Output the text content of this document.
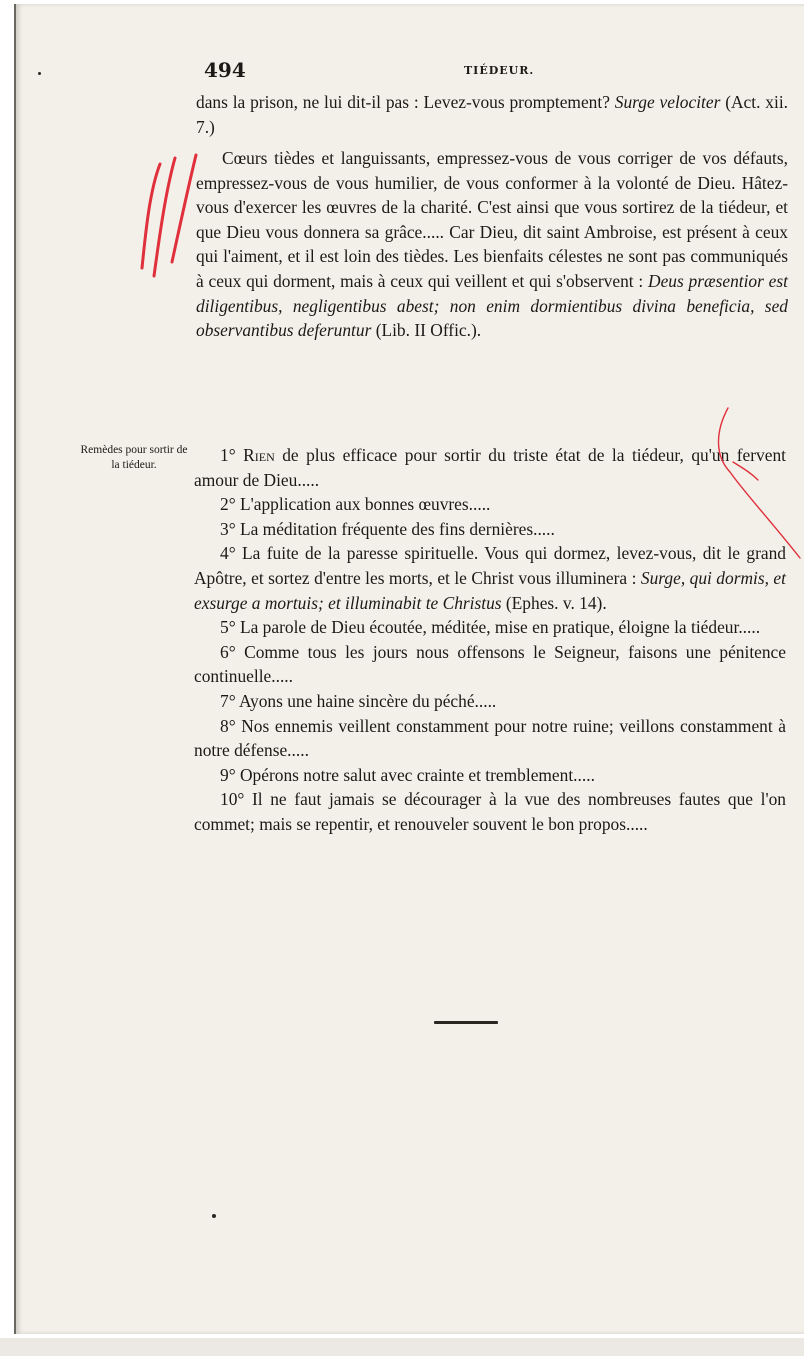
494	TIÉDEUR.

dans la prison, ne lui dit-il pas : Levez-vous promptement? Surge velociter (Act. xii. 7.)

Cœurs tièdes et languissants, empressez-vous de vous corriger de vos défauts, empressez-vous de vous humilier, de vous conformer à la volonté de Dieu. Hâtez-vous d'exercer les œuvres de la charité. C'est ainsi que vous sortirez de la tiédeur, et que Dieu vous donnera sa grâce..... Car Dieu, dit saint Ambroise, est présent à ceux qui l'aiment, et il est loin des tièdes. Les bienfaits célestes ne sont pas communiqués à ceux qui dorment, mais à ceux qui veillent et qui s'observent : Deus præsentior est diligentibus, negligentibus abest; non enim dormientibus divina beneficia, sed observantibus deferuntur (Lib. II Offic.).

Remèdes pour sortir de la tiédeur.	1° Rien de plus efficace pour sortir du triste état de la tiédeur, qu'un fervent amour de Dieu.....

2° L'application aux bonnes œuvres.....

3° La méditation fréquente des fins dernières.....

4° La fuite de la paresse spirituelle. Vous qui dormez, levez-vous, dit le grand Apôtre, et sortez d'entre les morts, et le Christ vous illuminera : Surge, qui dormis, et exsurge a mortuis; et illuminabit te Christus (Ephes. v. 14).

5° La parole de Dieu écoutée, méditée, mise en pratique, éloigne la tiédeur.....

6° Comme tous les jours nous offensons le Seigneur, faisons une pénitence continuelle.....

7° Ayons une haine sincère du péché.....

8° Nos ennemis veillent constamment pour notre ruine; veillons constamment à notre défense.....

9° Opérons notre salut avec crainte et tremblement.....

10° Il ne faut jamais se décourager à la vue des nombreuses fautes que l'on commet; mais se repentir, et renouveler souvent le bon propos.....
